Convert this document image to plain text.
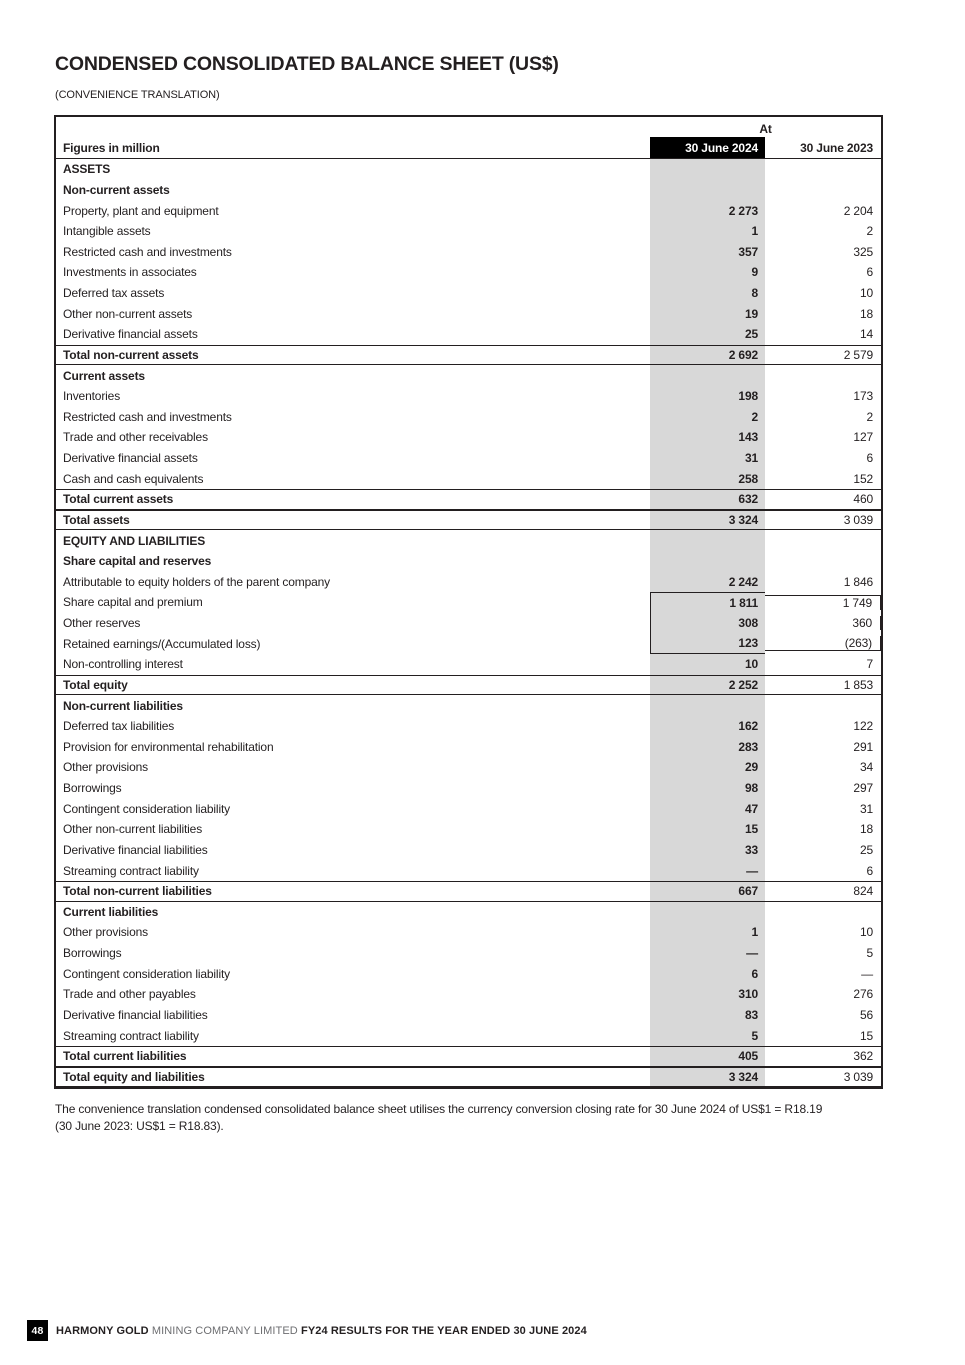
CONDENSED CONSOLIDATED BALANCE SHEET (US$)
(CONVENIENCE TRANSLATION)
At
Figures in million	30 June 2024	30 June 2023
ASSETS
Non-current assets
Property, plant and equipment	2 273	2 204
Intangible assets	1	2
Restricted cash and investments	357	325
Investments in associates	9	6
Deferred tax assets	8	10
Other non-current assets	19	18
Derivative financial assets	25	14
Total non-current assets	2 692	2 579
Current assets
Inventories	198	173
Restricted cash and investments	2	2
Trade and other receivables	143	127
Derivative financial assets	31	6
Cash and cash equivalents	258	152
Total current assets	632	460
Total assets	3 324	3 039
EQUITY AND LIABILITIES
Share capital and reserves
Attributable to equity holders of the parent company	2 242	1 846
Share capital and premium	1 811	1 749
Other reserves	308	360
Retained earnings/(Accumulated loss)	123	(263)
Non-controlling interest	10	7
Total equity	2 252	1 853
Non-current liabilities
Deferred tax liabilities	162	122
Provision for environmental rehabilitation	283	291
Other provisions	29	34
Borrowings	98	297
Contingent consideration liability	47	31
Other non-current liabilities	15	18
Derivative financial liabilities	33	25
Streaming contract liability	—	6
Total non-current liabilities	667	824
Current liabilities
Other provisions	1	10
Borrowings	—	5
Contingent consideration liability	6	—
Trade and other payables	310	276
Derivative financial liabilities	83	56
Streaming contract liability	5	15
Total current liabilities	405	362
Total equity and liabilities	3 324	3 039
The convenience translation condensed consolidated balance sheet utilises the currency conversion closing rate for 30 June 2024 of US$1 = R18.19
(30 June 2023: US$1 = R18.83).
48	HARMONY GOLD MINING COMPANY LIMITED FY24 RESULTS FOR THE YEAR ENDED 30 JUNE 2024
